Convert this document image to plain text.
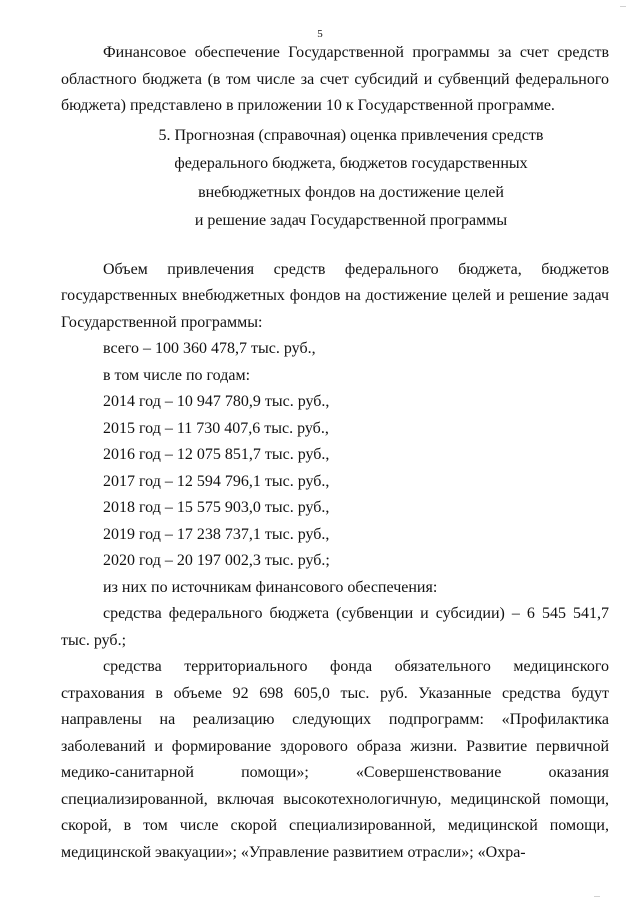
...
5

Финансовое обеспечение Государственной программы за счет средств областного бюджета (в том числе за счет субсидий и субвенций федерального бюджета) представлено в приложении 10 к Государственной программе.

5. Прогнозная (справочная) оценка привлечения средств
федерального бюджета, бюджетов государственных
внебюджетных фондов на достижение целей
и решение задач Государственной программы

Объем привлечения средств федерального бюджета, бюджетов государственных внебюджетных фондов на достижение целей и решение задач Государственной программы:

всего – 100 360 478,7 тыс. руб.,
в том числе по годам:
2014 год – 10 947 780,9 тыс. руб.,
2015 год – 11 730 407,6 тыс. руб.,
2016 год – 12 075 851,7 тыс. руб.,
2017 год – 12 594 796,1 тыс. руб.,
2018 год – 15 575 903,0 тыс. руб.,
2019 год – 17 238 737,1 тыс. руб.,
2020 год – 20 197 002,3 тыс. руб.;
из них по источникам финансового обеспечения:

средства федерального бюджета (субвенции и субсидии) – 6 545 541,7 тыс. руб.;

средства территориального фонда обязательного медицинского страхования в объеме 92 698 605,0 тыс. руб. Указанные средства будут направлены на реализацию следующих подпрограмм: «Профилактика заболеваний и формирование здорового образа жизни. Развитие первичной медико-санитарной помощи»; «Совершенствование оказания специализированной, включая высокотехнологичную, медицинской помощи, скорой, в том числе скорой специализированной, медицинской помощи, медицинской эвакуации»; «Управление развитием отрасли»; «Охра-

...
